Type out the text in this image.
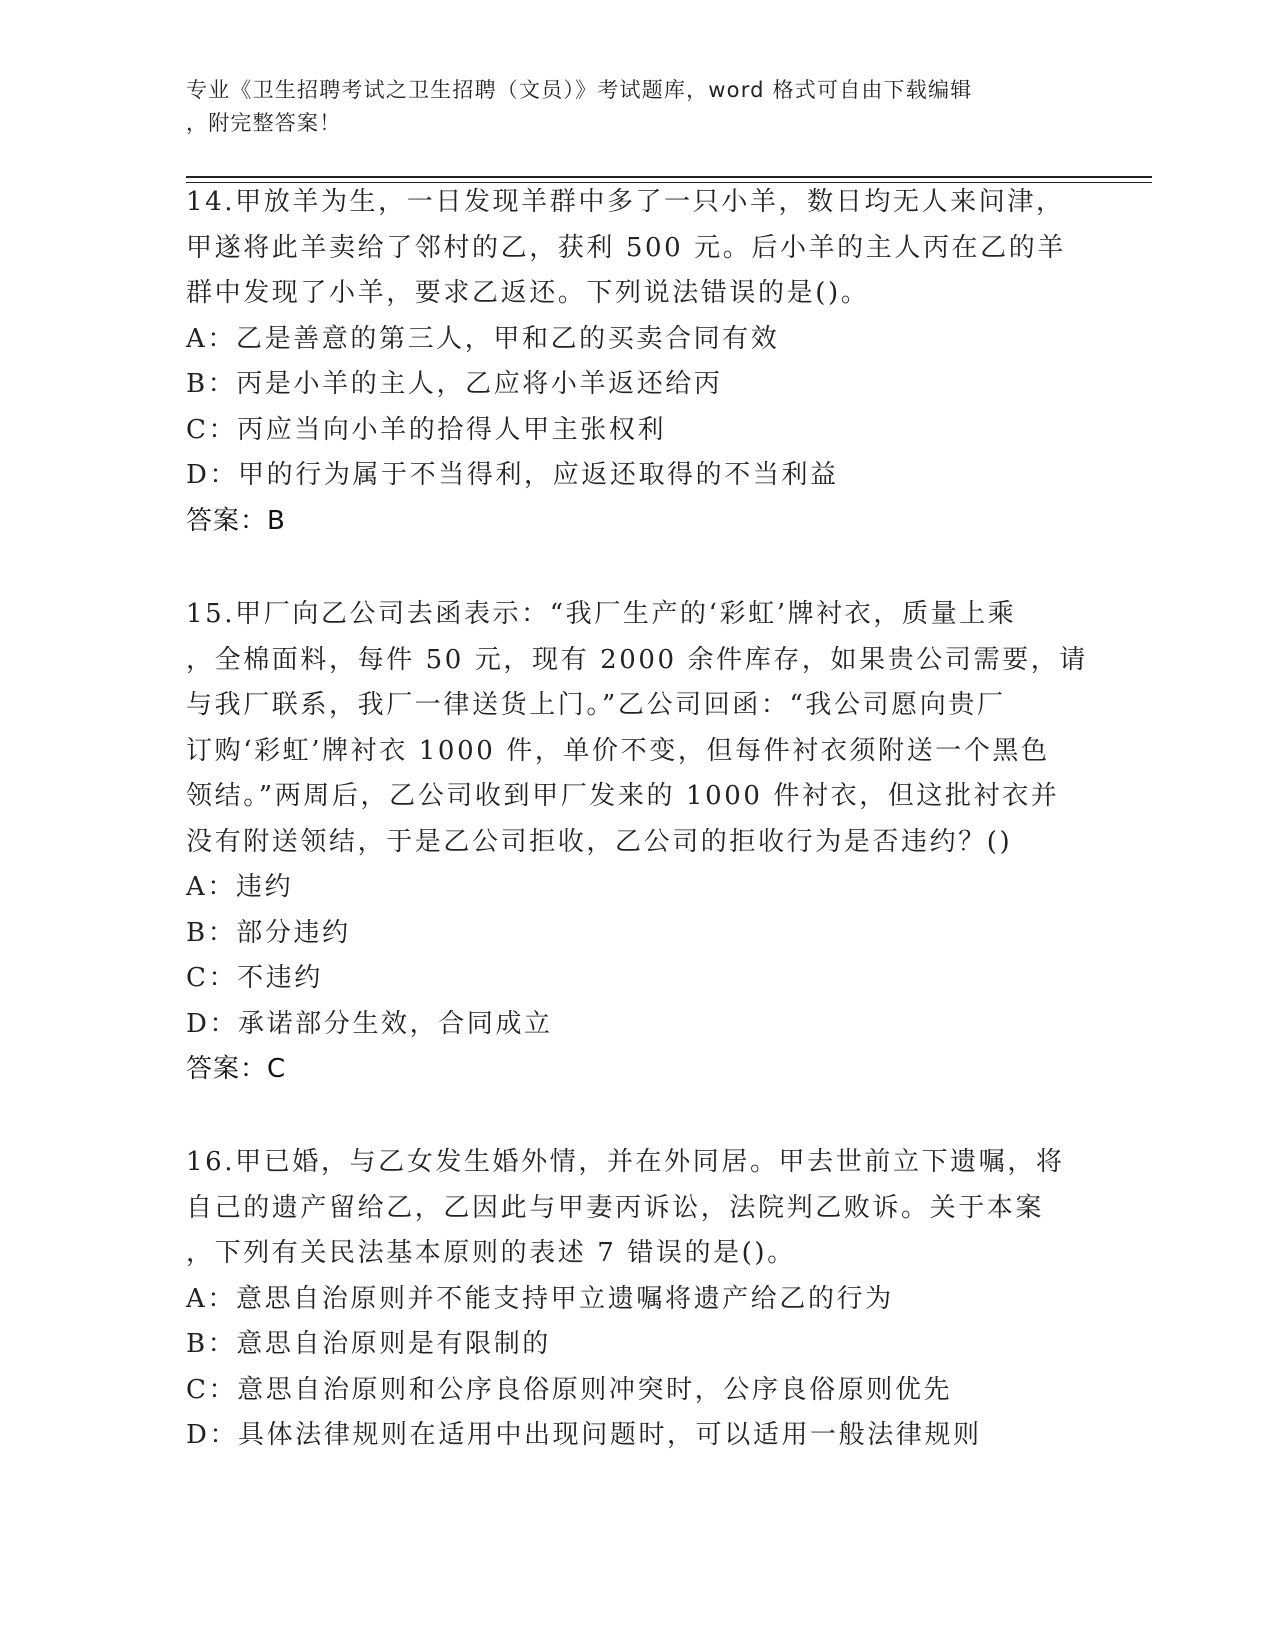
专业《卫生招聘考试之卫生招聘（文员）》考试题库，word 格式可自由下载编辑
，附完整答案！
14.甲放羊为生，一日发现羊群中多了一只小羊，数日均无人来问津，
甲遂将此羊卖给了邻村的乙，获利 500 元。后小羊的主人丙在乙的羊
群中发现了小羊，要求乙返还。下列说法错误的是()。
A：乙是善意的第三人，甲和乙的买卖合同有效
B：丙是小羊的主人，乙应将小羊返还给丙
C：丙应当向小羊的拾得人甲主张权利
D：甲的行为属于不当得利，应返还取得的不当利益
答案：B
15.甲厂向乙公司去函表示：“我厂生产的‘彩虹’牌衬衣，质量上乘
，全棉面料，每件 50 元，现有 2000 余件库存，如果贵公司需要，请
与我厂联系，我厂一律送货上门。”乙公司回函：“我公司愿向贵厂
订购‘彩虹’牌衬衣 1000 件，单价不变，但每件衬衣须附送一个黑色
领结。”两周后，乙公司收到甲厂发来的 1000 件衬衣，但这批衬衣并
没有附送领结，于是乙公司拒收，乙公司的拒收行为是否违约？()
A：违约
B：部分违约
C：不违约
D：承诺部分生效，合同成立
答案：C
16.甲已婚，与乙女发生婚外情，并在外同居。甲去世前立下遗嘱，将
自己的遗产留给乙，乙因此与甲妻丙诉讼，法院判乙败诉。关于本案
，下列有关民法基本原则的表述 7 错误的是()。
A：意思自治原则并不能支持甲立遗嘱将遗产给乙的行为
B：意思自治原则是有限制的
C：意思自治原则和公序良俗原则冲突时，公序良俗原则优先
D：具体法律规则在适用中出现问题时，可以适用一般法律规则
